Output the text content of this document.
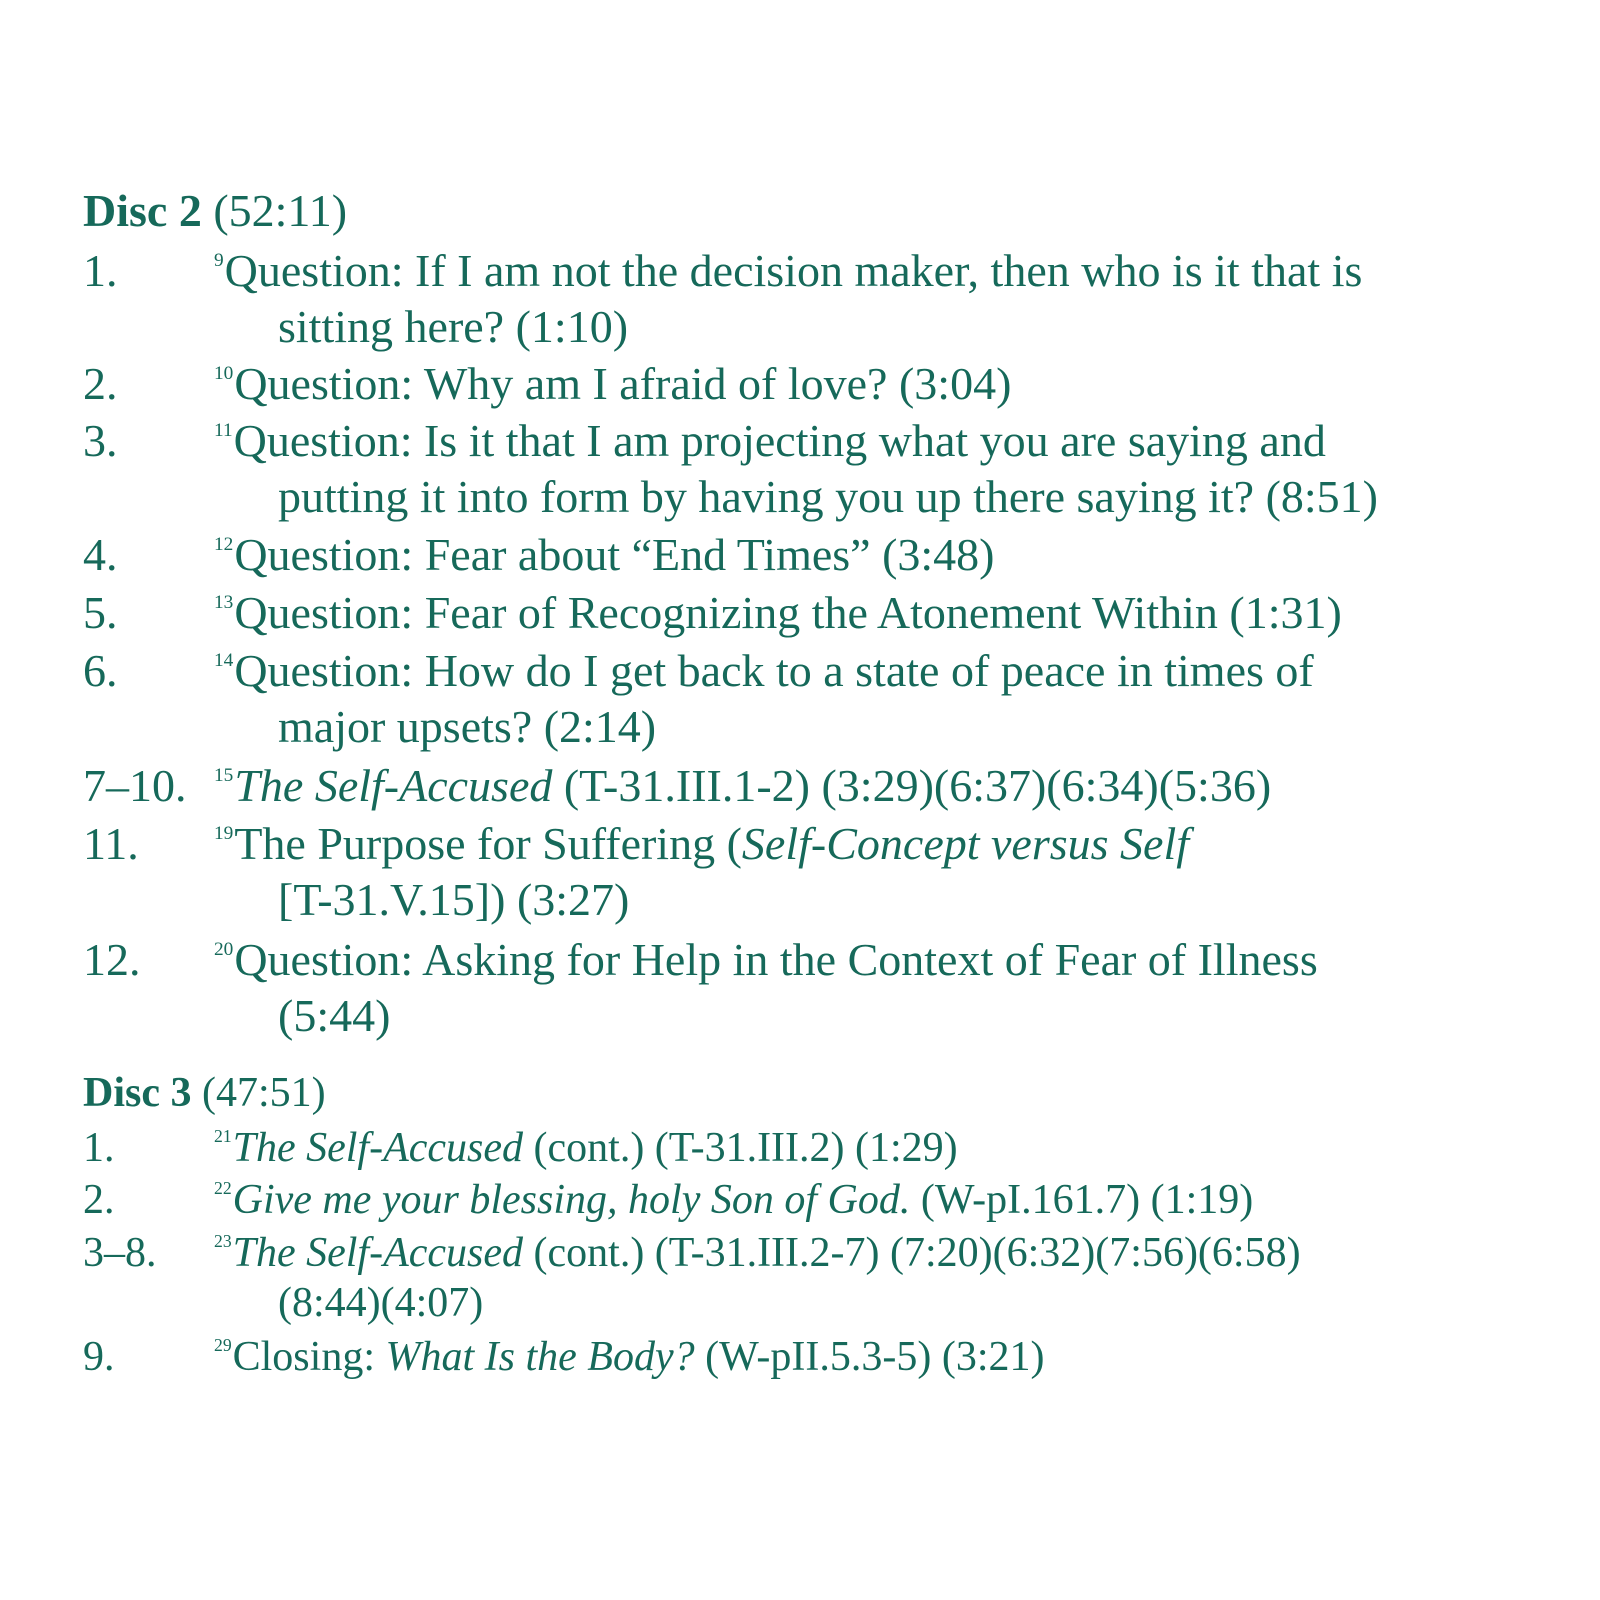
Disc 2 (52:11)
1.	$^9$Question: If I am not the decision maker, then who is it that is
sitting here? (1:10)
2.	$^{10}$Question: Why am I afraid of love? (3:04)
3.	$^{11}$Question: Is it that I am projecting what you are saying and
putting it into form by having you up there saying it? (8:51)
4.	$^{12}$Question: Fear about “End Times” (3:48)
5.	$^{13}$Question: Fear of Recognizing the Atonement Within (1:31)
6.	$^{14}$Question: How do I get back to a state of peace in times of
major upsets? (2:14)
7–10. $^{15}$The Self-Accused (T-31.III.1-2) (3:29)(6:37)(6:34)(5:36)
11.	$^{19}$The Purpose for Suffering (Self-Concept versus Self
[T-31.V.15]) (3:27)
12.	$^{20}$Question: Asking for Help in the Context of Fear of Illness
(5:44)
Disc 3 (47:51)
1.	$^{21}$The Self-Accused (cont.) (T-31.III.2) (1:29)
2.	$^{22}$Give me your blessing, holy Son of God. (W-pI.161.7) (1:19)
3–8.	$^{23}$The Self-Accused (cont.) (T-31.III.2-7) (7:20)(6:32)(7:56)(6:58)
(8:44)(4:07)
9.	$^{29}$Closing: What Is the Body? (W-pII.5.3-5) (3:21)
